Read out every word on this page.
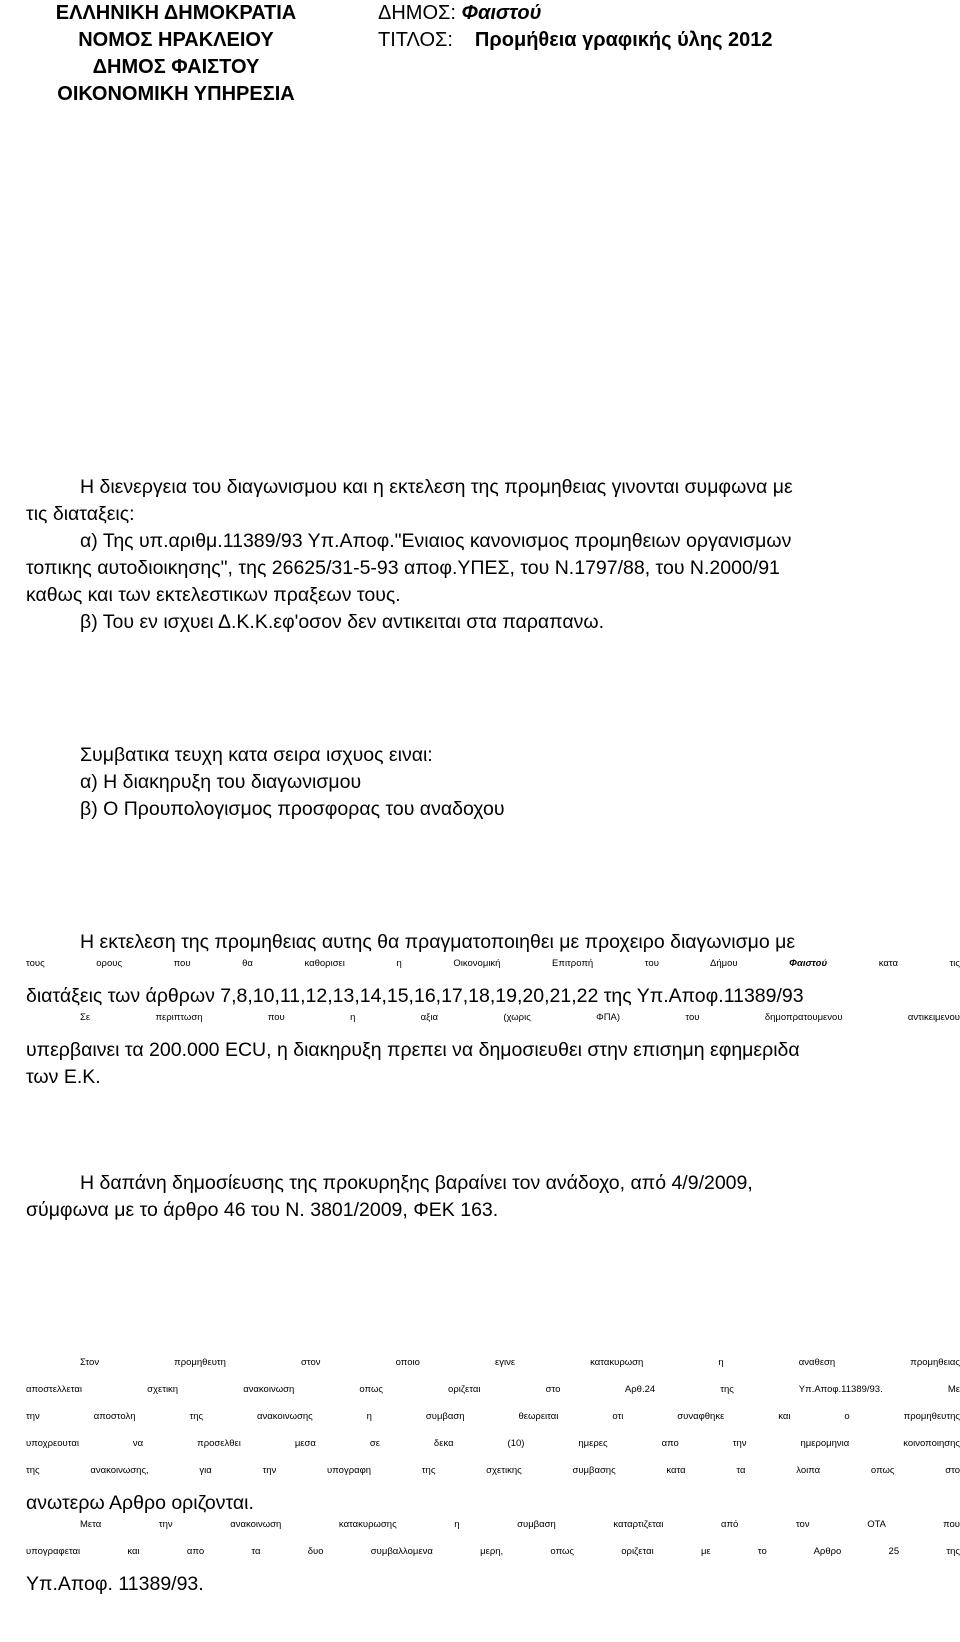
ΕΛΛΗΝΙΚΗ ΔΗΜΟΚΡΑΤΙΑ
ΝΟΜΟΣ ΗΡΑΚΛΕΙΟΥ
ΔΗΜΟΣ ΦΑΙΣΤΟΥ
ΟΙΚΟΝΟΜΙΚΗ ΥΠΗΡΕΣΙΑ
ΔΗΜΟΣ: Φαιστού
ΤΙΤΛΟΣ: Προμήθεια γραφικής ύλης 2012
Η διενεργεια του διαγωνισμου και η εκτελεση της προμηθειας γινονται συμφωνα με
τις διαταξεις:
α) Της υπ.αριθμ.11389/93 Υπ.Αποφ."Ενιαιος κανονισμος προμηθειων οργανισμων
τοπικης αυτοδιοικησης", της 26625/31-5-93 αποφ.ΥΠΕΣ, του Ν.1797/88, του Ν.2000/91
καθως και των εκτελεστικων πραξεων τους.
β) Του εν ισχυει Δ.Κ.Κ.εφ'οσον δεν αντικειται στα παραπανω.
Συμβατικα τευχη κατα σειρα ισχυος ειναι:
α) Η διακηρυξη του διαγωνισμου
β) Ο Προυπολογισμος προσφορας του αναδοχου
Η εκτελεση της προμηθειας αυτης θα πραγματοποιηθει με προχειρο διαγωνισμο με
τους ορους που θα καθορισει η Οικονομική Επιτροπή του Δήμου Φαιστού κατα τις
διατάξεις των άρθρων 7,8,10,11,12,13,14,15,16,17,18,19,20,21,22 της Υπ.Αποφ.11389/93
Σε περιπτωση που η αξια (χωρις ΦΠΑ) του δημοπρατουμενου αντικειμενου
υπερβαινει τα 200.000 ECU, η διακηρυξη πρεπει να δημοσιευθει στην επισημη εφημεριδα
των Ε.Κ.
Η δαπάνη δημοσίευσης της προκυρηξης βαραίνει τον ανάδοχο, από 4/9/2009,
σύμφωνα με το άρθρο 46 του Ν. 3801/2009, ΦΕΚ 163.
Στον προμηθευτη στον οποιο εγινε κατακυρωση η αναθεση προμηθειας
αποστελλεται σχετικη ανακοινωση οπως οριζεται στο Αρθ.24 της Υπ.Αποφ.11389/93. Με
την αποστολη της ανακοινωσης η συμβαση θεωρειται οτι συναφθηκε και ο προμηθευτης
υποχρεουται να προσελθει μεσα σε δεκα (10) ημερες απο την ημερομηνια κοινοποιησης
της ανακοινωσης, για την υπογραφη της σχετικης συμβασης κατα τα λοιπα οπως στο
ανωτερω Αρθρο οριζονται.
Μετα την ανακοινωση κατακυρωσης η συμβαση καταρτιζεται από τον ΟΤΑ που
υπογραφεται και απο τα δυο συμβαλλομενα μερη, οπως οριζεται με το Αρθρο 25 της
Υπ.Αποφ. 11389/93.
